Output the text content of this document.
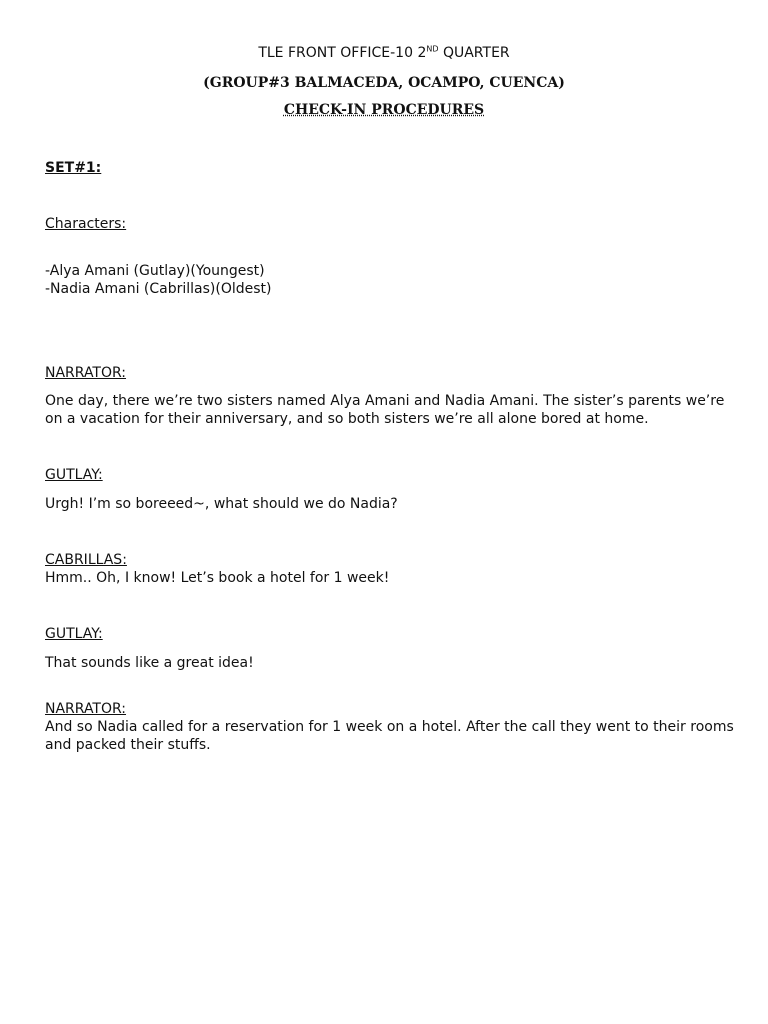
TLE FRONT OFFICE-10 2ND QUARTER
(GROUP#3 BALMACEDA, OCAMPO, CUENCA)
CHECK-IN PROCEDURES
SET#1:
Characters:
-Alya Amani (Gutlay)(Youngest)
-Nadia Amani (Cabrillas)(Oldest)
NARRATOR:
One day, there we’re two sisters named Alya Amani and Nadia Amani. The sister’s parents we’re on a vacation for their anniversary, and so both sisters we’re all alone bored at home.
GUTLAY:
Urgh! I’m so boreeed~, what should we do Nadia?
CABRILLAS:
Hmm.. Oh, I know! Let’s book a hotel for 1 week!
GUTLAY:
That sounds like a great idea!
NARRATOR:
And so Nadia called for a reservation for 1 week on a hotel. After the call they went to their rooms and packed their stuffs.
